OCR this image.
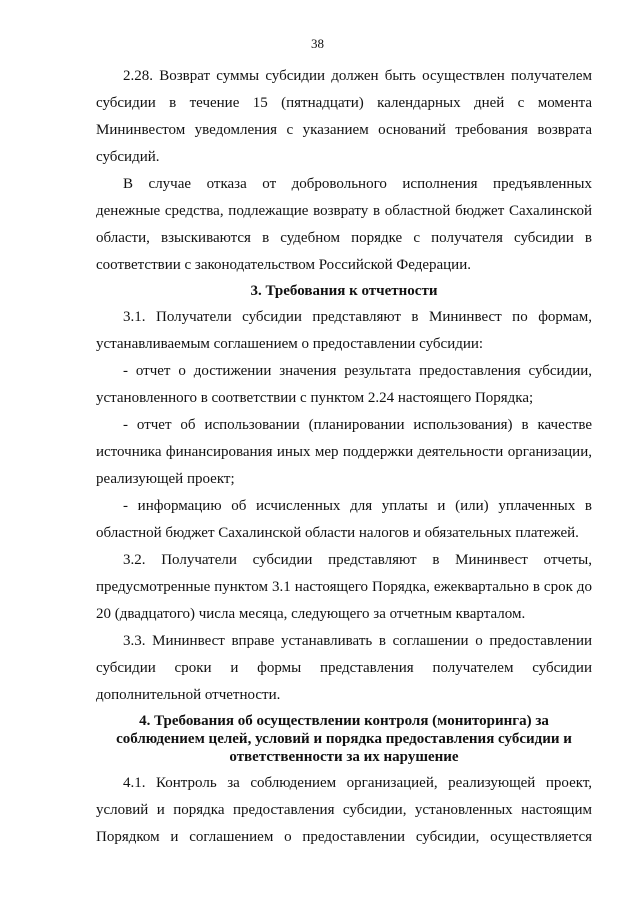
38
2.28. Возврат суммы субсидии должен быть осуществлен получателем
субсидии в течение 15 (пятнадцати) календарных дней с момента
Мининвестом уведомления с указанием оснований требования возврата
субсидий.
В случае отказа от добровольного исполнения предъявленных
денежные средства, подлежащие возврату в областной бюджет Сахалинской
области, взыскиваются в судебном порядке с получателя субсидии в
соответствии с законодательством Российской Федерации.
3. Требования к отчетности
3.1. Получатели субсидии представляют в Мининвест по формам,
устанавливаемым соглашением о предоставлении субсидии:
- отчет о достижении значения результата предоставления субсидии,
установленного в соответствии с пунктом 2.24 настоящего Порядка;
- отчет об использовании (планировании использования) в качестве
источника финансирования иных мер поддержки деятельности организации,
реализующей проект;
- информацию об исчисленных для уплаты и (или) уплаченных в
областной бюджет Сахалинской области налогов и обязательных платежей.
3.2. Получатели субсидии представляют в Мининвест отчеты,
предусмотренные пунктом 3.1 настоящего Порядка, ежеквартально в срок до
20 (двадцатого) числа месяца, следующего за отчетным кварталом.
3.3. Мининвест вправе устанавливать в соглашении о предоставлении
субсидии сроки и формы представления получателем субсидии
дополнительной отчетности.
4. Требования об осуществлении контроля (мониторинга) за
соблюдением целей, условий и порядка предоставления субсидии и
ответственности за их нарушение
4.1. Контроль за соблюдением организацией, реализующей проект,
условий и порядка предоставления субсидии, установленных настоящим
Порядком и соглашением о предоставлении субсидии, осуществляется
